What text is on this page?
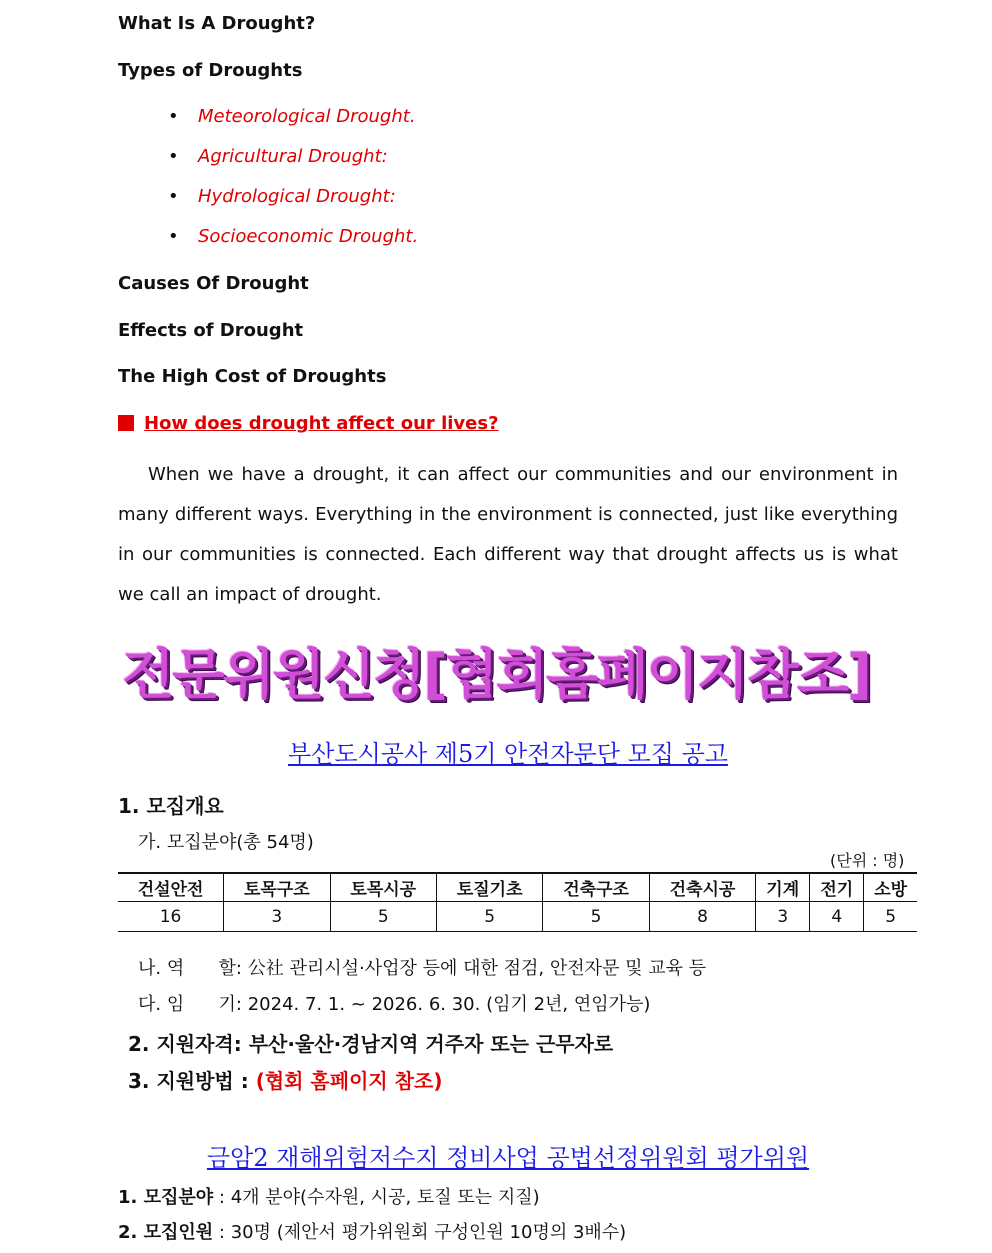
What Is A Drought?
Types of Droughts
• Meteorological Drought.
• Agricultural Drought:
• Hydrological Drought:
• Socioeconomic Drought.
Causes Of Drought
Effects of Drought
The High Cost of Droughts
How does drought affect our lives?
When we have a drought, it can affect our communities and our environment in many different ways. Everything in the environment is connected, just like everything in our communities is connected. Each different way that drought affects us is what we call an impact of drought.
전문위원신청[협회홈페이지참조]
부산도시공사 제5기 안전자문단 모집 공고
1. 모집개요
가. 모집분야(총 54명)
(단위 : 명)
건설안전	토목구조	토목시공	토질기초	건축구조	건축시공	기계	전기	소방
16	3	5	5	5	8	3	4	5
나. 역      할: 公社 관리시설·사업장 등에 대한 점검, 안전자문 및 교육 등
다. 임      기: 2024. 7. 1. ~ 2026. 6. 30. (임기 2년, 연임가능)
2. 지원자격: 부산·울산·경남지역 거주자 또는 근무자로
3. 지원방법 : (협회 홈페이지 참조)
금암2 재해위험저수지 정비사업 공법선정위원회 평가위원
1. 모집분야 : 4개 분야(수자원, 시공, 토질 또는 지질)
2. 모집인원 : 30명 (제안서 평가위원회 구성인원 10명의 3배수)
